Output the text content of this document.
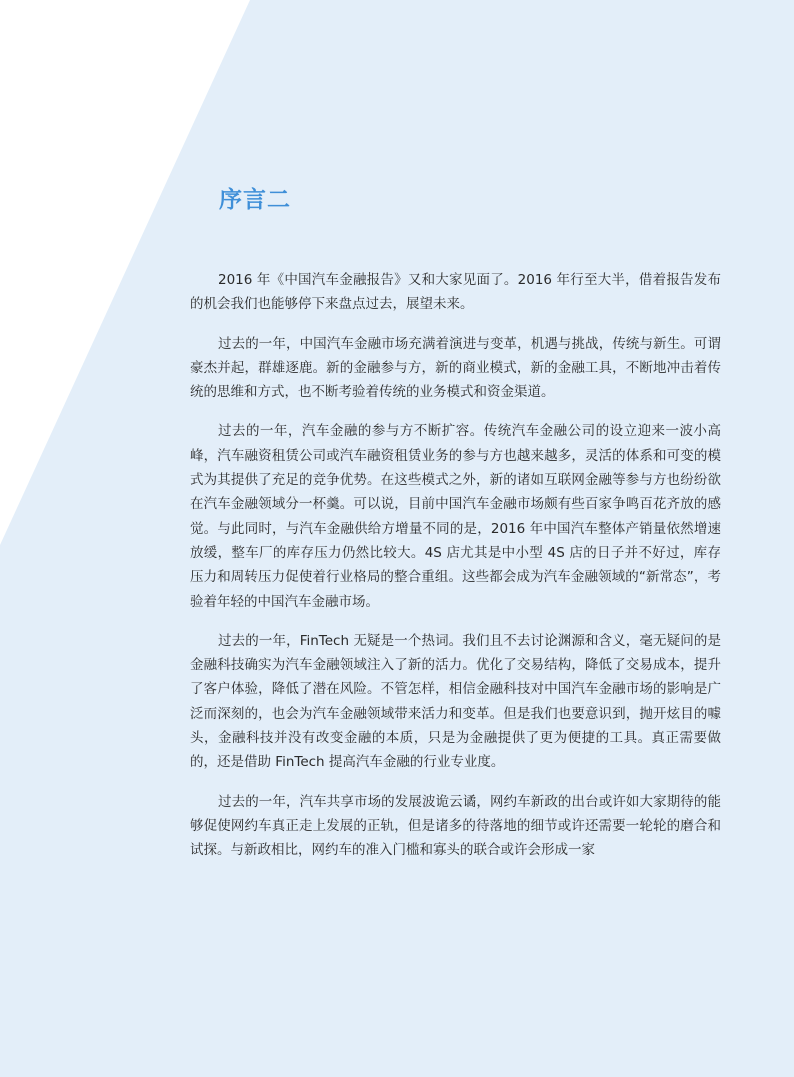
序言二

2016 年《中国汽车金融报告》又和大家见面了。2016 年行至大半，借着报告发布的机会我们也能够停下来盘点过去，展望未来。

过去的一年，中国汽车金融市场充满着演进与变革，机遇与挑战，传统与新生。可谓豪杰并起，群雄逐鹿。新的金融参与方，新的商业模式，新的金融工具，不断地冲击着传统的思维和方式，也不断考验着传统的业务模式和资金渠道。

过去的一年，汽车金融的参与方不断扩容。传统汽车金融公司的设立迎来一波小高峰，汽车融资租赁公司或汽车融资租赁业务的参与方也越来越多，灵活的体系和可变的模式为其提供了充足的竞争优势。在这些模式之外，新的诸如互联网金融等参与方也纷纷欲在汽车金融领域分一杯羹。可以说，目前中国汽车金融市场颇有些百家争鸣百花齐放的感觉。与此同时，与汽车金融供给方增量不同的是，2016 年中国汽车整体产销量依然增速放缓，整车厂的库存压力仍然比较大。4S 店尤其是中小型 4S 店的日子并不好过，库存压力和周转压力促使着行业格局的整合重组。这些都会成为汽车金融领域的“新常态”，考验着年轻的中国汽车金融市场。

过去的一年，FinTech 无疑是一个热词。我们且不去讨论渊源和含义，毫无疑问的是金融科技确实为汽车金融领域注入了新的活力。优化了交易结构，降低了交易成本，提升了客户体验，降低了潜在风险。不管怎样，相信金融科技对中国汽车金融市场的影响是广泛而深刻的，也会为汽车金融领域带来活力和变革。但是我们也要意识到，抛开炫目的噱头，金融科技并没有改变金融的本质，只是为金融提供了更为便捷的工具。真正需要做的，还是借助 FinTech 提高汽车金融的行业专业度。

过去的一年，汽车共享市场的发展波诡云谲，网约车新政的出台或许如大家期待的能够促使网约车真正走上发展的正轨，但是诸多的待落地的细节或许还需要一轮轮的磨合和试探。与新政相比，网约车的准入门槛和寡头的联合或许会形成一家
